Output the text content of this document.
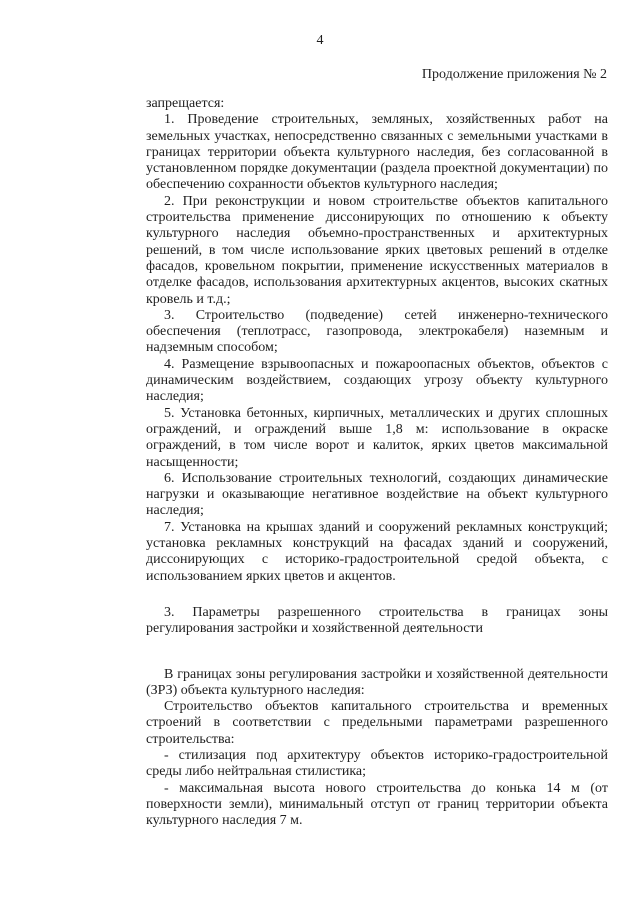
4
Продолжение приложения № 2

запрещается:

1. Проведение строительных, земляных, хозяйственных работ на земельных участках, непосредственно связанных с земельными участками в границах территории объекта культурного наследия, без согласованной в установленном порядке документации (раздела проектной документации) по обеспечению сохранности объектов культурного наследия;

2. При реконструкции и новом строительстве объектов капитального строительства применение диссонирующих по отношению к объекту культурного наследия объемно-пространственных и архитектурных решений, в том числе использование ярких цветовых решений в отделке фасадов, кровельном покрытии, применение искусственных материалов в отделке фасадов, использования архитектурных акцентов, высоких скатных кровель и т.д.;

3. Строительство (подведение) сетей инженерно-технического обеспечения (теплотрасс, газопровода, электрокабеля) наземным и надземным способом;

4. Размещение взрывоопасных и пожароопасных объектов, объектов с динамическим воздействием, создающих угрозу объекту культурного наследия;

5. Установка бетонных, кирпичных, металлических и других сплошных ограждений, и ограждений выше 1,8 м: использование в окраске ограждений, в том числе ворот и калиток, ярких цветов максимальной насыщенности;

6. Использование строительных технологий, создающих динамические нагрузки и оказывающие негативное воздействие на объект культурного наследия;

7. Установка на крышах зданий и сооружений рекламных конструкций; установка рекламных конструкций на фасадах зданий и сооружений, диссонирующих с историко-градостроительной средой объекта, с использованием ярких цветов и акцентов.

3. Параметры разрешенного строительства в границах зоны регулирования застройки и хозяйственной деятельности

В границах зоны регулирования застройки и хозяйственной деятельности (ЗРЗ) объекта культурного наследия:

Строительство объектов капитального строительства и временных строений в соответствии с предельными параметрами разрешенного строительства:

- стилизация под архитектуру объектов историко-градостроительной среды либо нейтральная стилистика;

- максимальная высота нового строительства до конька 14 м (от поверхности земли), минимальный отступ от границ территории объекта культурного наследия 7 м.
